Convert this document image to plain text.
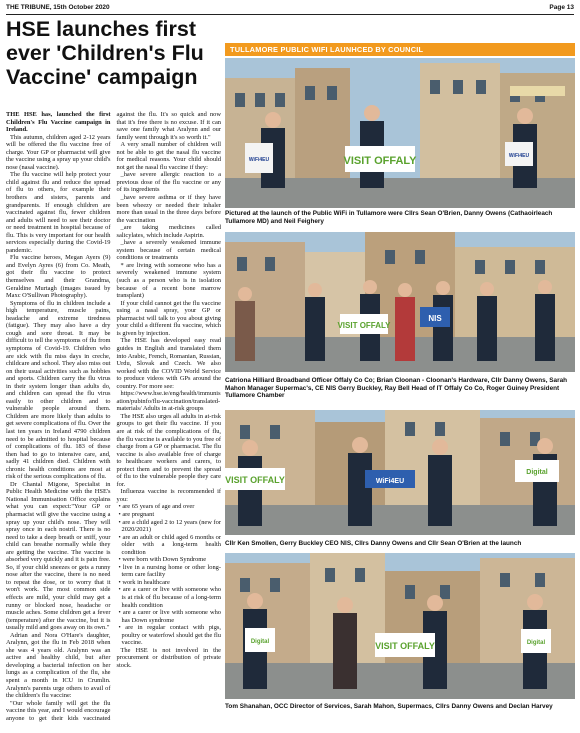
THE TRIBUNE, 15th October 2020	Page 13
HSE launches first ever 'Children's Flu Vaccine' campaign

THE HSE has, launched the first Children's Flu Vaccine campaign in Ireland.

This autumn, children aged 2-12 years will be offered the flu vaccine free of charge. Your GP or pharmacist will give the vaccine using a spray up your child's nose (nasal vaccine).

The flu vaccine will help protect your child against flu and reduce the spread of flu to others, for example their brothers and sisters, parents and grandparents. If enough children are vaccinated against flu, fewer children and adults will need to see their doctor or need treatment in hospital because of flu. This is very important for our health services especially during the Covid-19 pandemic.

Flu vaccine heroes, Megan Ayers (9) and Evelyn Ayres (6) from Co. Meath, got their flu vaccine to protect themselves and their Grandma, Geraldine Murtagh (images issued by Maxc O'Sullivan Photography).

Symptoms of flu in children include a high temperature, muscle pains, headache and extreme tiredness (fatigue). They may also have a dry cough and sore throat. It may be difficult to tell the symptoms of flu from symptoms of Covid-19. Children who are sick with flu miss days in creche, childcare and school. They also miss out on their usual activities such as hobbies and sports. Children carry the flu virus in their system longer than adults do, and children can spread the flu virus easily to other children and to vulnerable people around them. Children are more likely than adults to get severe complications of flu. Over the last ten years in Ireland 4790 children need to be admitted to hospital because of complications of flu. 183 of these then had to go to intensive care, and, sadly 41 children died. Children with chronic health conditions are most at risk of the serious complications of flu.

Dr Chantal Migone, Specialist in Public Health Medicine with the HSE's National Immunisation Office explains what you can expect:"Your GP or pharmacist will give the vaccine using a spray up your child's nose. They will spray once in each nostril. There is no need to take a deep breath or sniff, your child can breathe normally while they are getting the vaccine. The vaccine is absorbed very quickly and it is pain free. So, if your child sneezes or gets a runny nose after the vaccine, there is no need to repeat the dose, or to worry that it won't work. The most common side effects are mild, your child may get a runny or blocked nose, headache or muscle aches. Some children get a fever (temperature) after the vaccine, but it is usually mild and goes away on its own."

Adrian and Nora O'Hare's daughter, Aralynn, got the flu in Feb 2018 when she was 4 years old. Aralynn was an active and healthy child, but after developing a bacterial infection on her lungs as a complication of the flu, she spent a month in ICU in Crumlin. Aralynn's parents urge others to avail of the children's flu vaccine:

"Our whole family will get the flu vaccine this year, and I would encourage anyone to get their kids vaccinated against the flu. It's so quick and now that it's free there is no excuse. If it can save one family what Aralynn and our family went through it's so worth it."

A very small number of children will not be able to get the nasal flu vaccine for medical reasons. Your child should not get the nasal flu vaccine if they:

_have severe allergic reaction to a previous dose of the flu vaccine or any of its ingredients

_have severe asthma or if they have been wheezy or needed their inhaler more than usual in the three days before the vaccination

_are taking medicines called salicylates, which include Aspirin.

_have a severely weakened immune system because of certain medical conditions or treatments

* are living with someone who has a severely weakened immune system (such as a person who is in isolation because of a recent bone marrow transplant)

If your child cannot get the flu vaccine using a nasal spray, your GP or pharmacist will talk to you about giving your child a different flu vaccine, which is given by injection.

The HSE has developed easy read guides in English and translated them into Arabic, French, Romanian, Russian, Urdu, Slovak and Czech. We also worked with the COVID World Service to produce videos with GPs around the country. For more see:

https://www.hse.ie/eng/health/immunisation/pubinfo/flu-vaccination/translated-materials/ Adults in at-risk groups

The HSE also urges all adults in at-risk groups to get their flu vaccine. If you are at risk of the complications of flu, the flu vaccine is available to you free of charge from a GP or pharmacist. The flu vaccine is also available free of charge to healthcare workers and carers, to protect them and to prevent the spread of flu to the vulnerable people they care for.

Influenza vaccine is recommended if you:

• are 65 years of age and over
• are pregnant
• are a child aged 2 to 12 years (new for 2020/2021)
• are an adult or child aged 6 months or older with a long-term health condition
• were born with Down Syndrome
• live in a nursing home or other long-term care facility
• work in healthcare
• are a carer or live with someone who is at risk of flu because of a long-term health condition
• are a carer or live with someone who has Down syndrome
• are in regular contact with pigs, poultry or waterfowl should get the flu vaccine.

The HSE is not involved in the procurement or distribution of private stock.

TULLAMORE PUBLIC WIFI LAUNHCED BY COUNCIL
VISIT OFFALY
WiFi4EU
WiFi4EU
Pictured at the launch of the Public WiFi in Tullamore were Cllrs Sean O'Brien, Danny Owens (Cathaoirleach Tullamore MD) and Neil Feighery
VISIT OFFALY
NIS
Catriona Hilliard Broadband Officer Offaly Co Co; Brian Cloonan - Cloonan's Hardware, Cllr Danny Owens, Sarah Mahon Manager Supermac's, CE NIS Gerry Buckley, Ray Bell Head of IT Offaly Co Co, Roger Guiney President Tullamore Chamber
VISIT OFFALY	WiFi4EU
Digital
Cllr Ken Smollen, Gerry Buckley CEO NIS, Cllrs Danny Owens and Cllr Sean O'Brien at the launch
Digital	VISIT OFFALY	Digital
Tom Shanahan, OCC Director of Services, Sarah Mahon, Supermacs, Cllrs Danny Owens and Declan Harvey
